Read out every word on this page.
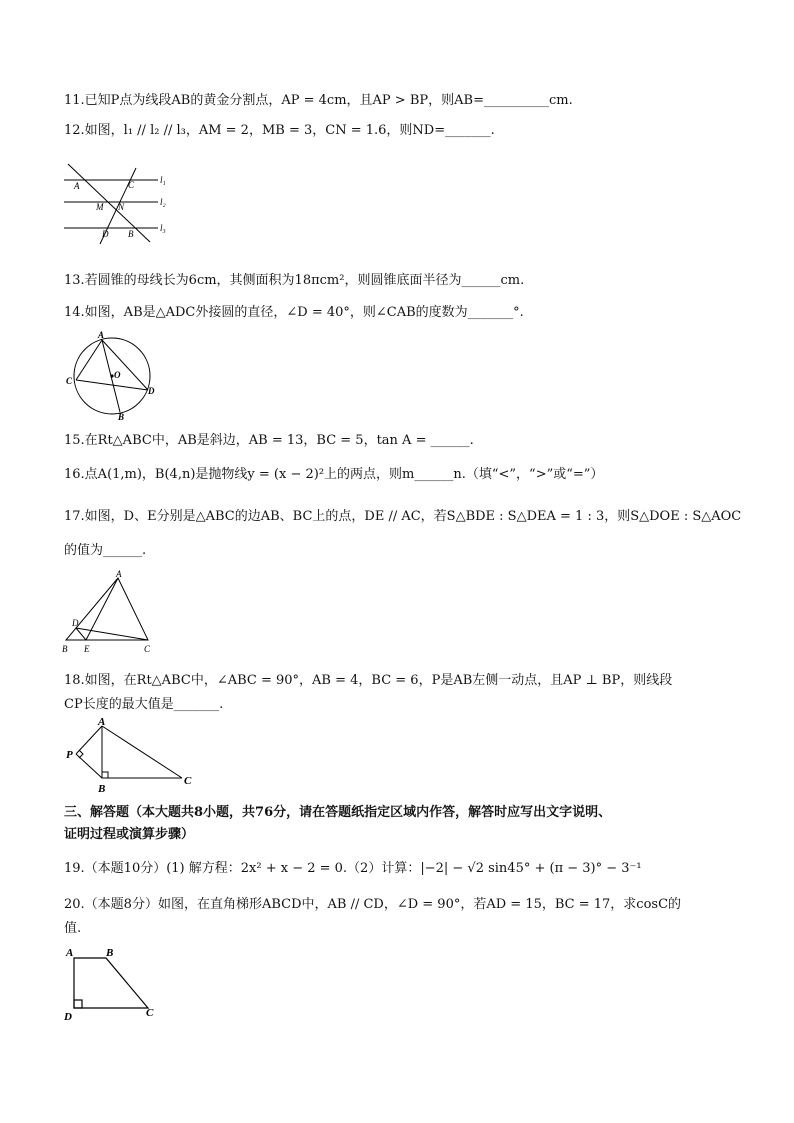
11.已知P点为线段AB的黄金分割点，AP = 4cm，且AP > BP，则AB=__________cm.
12.如图，l₁ // l₂ // l₃，AM = 2，MB = 3，CN = 1.6，则ND=_______.
A	C
M N
D B
l₁
l₂
l₃
13.若圆锥的母线长为6cm，其侧面积为18πcm²，则圆锥底面半径为______cm.
14.如图，AB是△ADC外接圆的直径，∠D = 40°，则∠CAB的度数为_______°.
A
C
O
D
B
15.在Rt△ABC中，AB是斜边，AB = 13，BC = 5，tan A = ______.
16.点A(1,m)，B(4,n)是抛物线y = (x − 2)²上的两点，则m______n.（填“<”，“>”或“=”）
17.如图，D、E分别是△ABC的边AB、BC上的点，DE // AC，若S△BDE : S△DEA = 1 : 3，则S△DOE : S△AOC
的值为______.
A
D
B E	C
18.如图，在Rt△ABC中，∠ABC = 90°，AB = 4，BC = 6，P是AB左侧一动点，且AP ⊥ BP，则线段
CP长度的最大值是_______.
A
P
B
C
三、解答题（本大题共8小题，共76分，请在答题纸指定区域内作答，解答时应写出文字说明、
证明过程或演算步骤）
19.（本题10分）(1) 解方程：2x² + x − 2 = 0.（2）计算：|−2| − √2 sin45° + (π − 3)° − 3⁻¹
20.（本题8分）如图，在直角梯形ABCD中，AB // CD，∠D = 90°，若AD = 15，BC = 17，求cosC的
值.
A	B
D	C
